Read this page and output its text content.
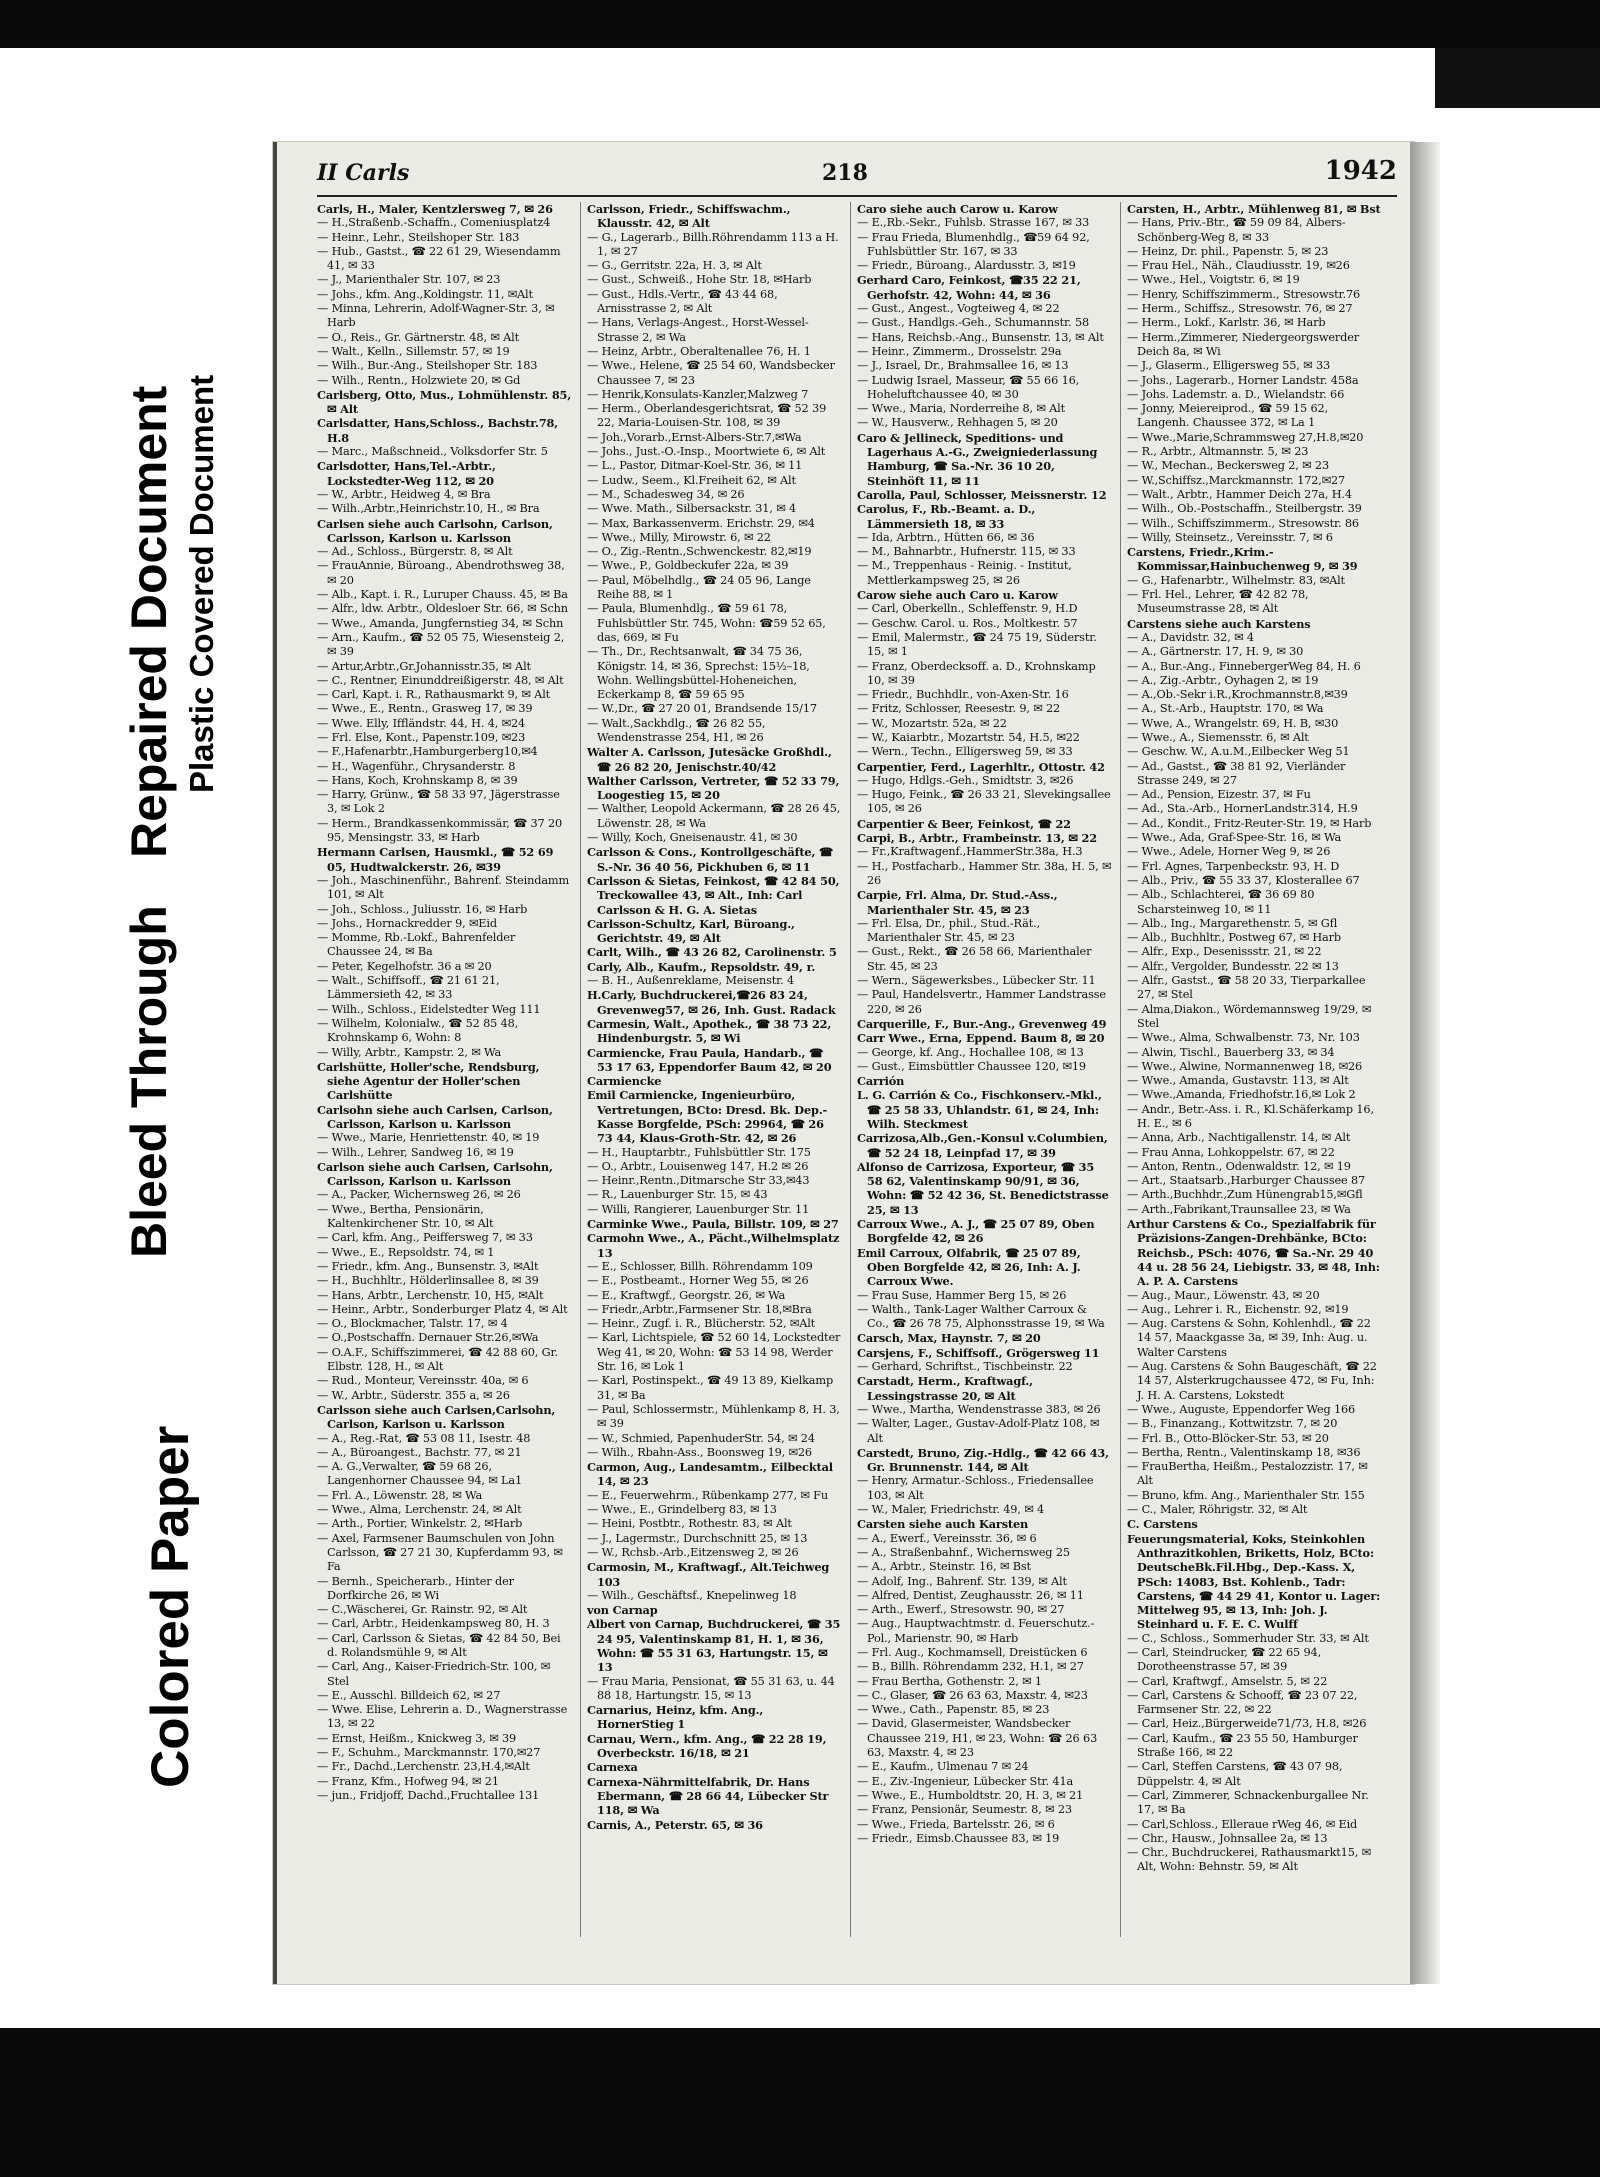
Bleed Through
Repaired Document Plastic Covered Document
Colored Paper
II Carls	218	1942

Carls, H., Maler, Kentzlersweg 7, ✉ 26

— H.,Straßenb.-Schaffn., Comeniusplatz4

— Heinr., Lehr., Steilshoper Str. 183

— Hub., Gastst., ☎ 22 61 29, Wiesendamm 41, ✉ 33

— J., Marienthaler Str. 107, ✉ 23

— Johs., kfm. Ang.,Koldingstr. 11, ✉Alt

— Minna, Lehrerin, Adolf-Wagner-Str. 3, ✉ Harb

— O., Reis., Gr. Gärtnerstr. 48, ✉ Alt

— Walt., Kelln., Sillemstr. 57, ✉ 19

— Wilh., Bur.-Ang., Steilshoper Str. 183

— Wilh., Rentn., Holzwiete 20, ✉ Gd

Carlsberg, Otto, Mus., Lohmühlenstr. 85, ✉ Alt

Carlsdatter, Hans,Schloss., Bachstr.78, H.8

— Marc., Maßschneid., Volksdorfer Str. 5

Carlsdotter, Hans,Tel.-Arbtr., Lockstedter-Weg 112, ✉ 20

— W., Arbtr., Heidweg 4, ✉ Bra

— Wilh.,Arbtr.,Heinrichstr.10, H., ✉ Bra

Carlsen siehe auch Carlsohn, Carlson, Carlsson, Karlson u. Karlsson

— Ad., Schloss., Bürgerstr. 8, ✉ Alt

— FrauAnnie, Büroang., Abendrothsweg 38, ✉ 20

— Alb., Kapt. i. R., Luruper Chauss. 45, ✉ Ba

— Alfr., ldw. Arbtr., Oldesloer Str. 66, ✉ Schn

— Wwe., Amanda, Jungfernstieg 34, ✉ Schn

— Arn., Kaufm., ☎ 52 05 75, Wiesensteig 2, ✉ 39

— Artur,Arbtr.,Gr.Johannisstr.35, ✉ Alt

— C., Rentner, Einunddreißigerstr. 48, ✉ Alt

— Carl, Kapt. i. R., Rathausmarkt 9, ✉ Alt

— Wwe., E., Rentn., Grasweg 17, ✉ 39

— Wwe. Elly, Iffländstr. 44, H. 4, ✉24

— Frl. Else, Kont., Papenstr.109, ✉23

— F.,Hafenarbtr.,Hamburgerberg10,✉4

— H., Wagenführ., Chrysanderstr. 8

— Hans, Koch, Krohnskamp 8, ✉ 39

— Harry, Grünw., ☎ 58 33 97, Jägerstrasse 3, ✉ Lok 2

— Herm., Brandkassenkommissär, ☎ 37 20 95, Mensingstr. 33, ✉ Harb

Hermann Carlsen, Hausmkl., ☎ 52 69 05, Hudtwalckerstr. 26, ✉39

— Joh., Maschinenführ., Bahrenf. Steindamm 101, ✉ Alt

— Joh., Schloss., Juliusstr. 16, ✉ Harb

— Johs., Hornackredder 9, ✉Eid

— Momme, Rb.-Lokf., Bahrenfelder Chaussee 24, ✉ Ba

— Peter, Kegelhofstr. 36 a ✉ 20

— Walt., Schiffsoff., ☎ 21 61 21, Lämmersieth 42, ✉ 33

— Wilh., Schloss., Eidelstedter Weg 111

— Wilhelm, Kolonialw., ☎ 52 85 48, Krohnskamp 6, Wohn: 8

— Willy, Arbtr., Kampstr. 2, ✉ Wa

Carlshütte, Holler'sche, Rendsburg, siehe Agentur der Holler'schen Carlshütte

Carlsohn siehe auch Carlsen, Carlson, Carlsson, Karlson u. Karlsson

— Wwe., Marie, Henriettenstr. 40, ✉ 19

— Wilh., Lehrer, Sandweg 16, ✉ 19

Carlson siehe auch Carlsen, Carlsohn, Carlsson, Karlson u. Karlsson

— A., Packer, Wichernsweg 26, ✉ 26

— Wwe., Bertha, Pensionärin, Kaltenkirchener Str. 10, ✉ Alt

— Carl, kfm. Ang., Peiffersweg 7, ✉ 33

— Wwe., E., Repsoldstr. 74, ✉ 1

— Friedr., kfm. Ang., Bunsenstr. 3, ✉Alt

— H., Buchhltr., Hölderlinsallee 8, ✉ 39

— Hans, Arbtr., Lerchenstr. 10, H5, ✉Alt

— Heinr., Arbtr., Sonderburger Platz 4, ✉ Alt

— O., Blockmacher, Talstr. 17, ✉ 4

— O.,Postschaffn. Dernauer Str.26,✉Wa

— O.A.F., Schiffszimmerei, ☎ 42 88 60, Gr. Elbstr. 128, H., ✉ Alt

— Rud., Monteur, Vereinsstr. 40a, ✉ 6

— W., Arbtr., Süderstr. 355 a, ✉ 26

Carlsson siehe auch Carlsen,Carlsohn, Carlson, Karlson u. Karlsson

— A., Reg.-Rat, ☎ 53 08 11, Isestr. 48

— A., Büroangest., Bachstr. 77, ✉ 21

— A. G.,Verwalter, ☎ 59 68 26, Langenhorner Chaussee 94, ✉ La1

— Frl. A., Löwenstr. 28, ✉ Wa

— Wwe., Alma, Lerchenstr. 24, ✉ Alt

— Arth., Portier, Winkelstr. 2, ✉Harb

— Axel, Farmsener Baumschulen von John Carlsson, ☎ 27 21 30, Kupferdamm 93, ✉ Fa

— Bernh., Speicherarb., Hinter der Dorfkirche 26, ✉ Wi

— C.,Wäscherei, Gr. Rainstr. 92, ✉ Alt

— Carl, Arbtr., Heidenkampsweg 80, H. 3

— Carl, Carlsson & Sietas, ☎ 42 84 50, Bei d. Rolandsmühle 9, ✉ Alt

— Carl, Ang., Kaiser-Friedrich-Str. 100, ✉ Stel

— E., Ausschl. Billdeich 62, ✉ 27

— Wwe. Elise, Lehrerin a. D., Wagnerstrasse 13, ✉ 22

— Ernst, Heißm., Knickweg 3, ✉ 39

— F., Schuhm., Marckmannstr. 170,✉27

— Fr., Dachd.,Lerchenstr. 23,H.4,✉Alt

— Franz, Kfm., Hofweg 94, ✉ 21

— jun., Fridjoff, Dachd.,Fruchtallee 131

Carlsson, Friedr., Schiffswachm., Klausstr. 42, ✉ Alt

— G., Lagerarb., Billh.Röhrendamm 113 a H. 1, ✉ 27

— G., Gerritstr. 22a, H. 3, ✉ Alt

— Gust., Schweiß., Hohe Str. 18, ✉Harb

— Gust., Hdls.-Vertr., ☎ 43 44 68, Arnisstrasse 2, ✉ Alt

— Hans, Verlags-Angest., Horst-Wessel-Strasse 2, ✉ Wa

— Heinz, Arbtr., Oberaltenallee 76, H. 1

— Wwe., Helene, ☎ 25 54 60, Wandsbecker Chaussee 7, ✉ 23

— Henrik,Konsulats-Kanzler,Malzweg 7

— Herm., Oberlandesgerichtsrat, ☎ 52 39 22, Maria-Louisen-Str. 108, ✉ 39

— Joh.,Vorarb.,Ernst-Albers-Str.7,✉Wa

— Johs., Just.-O.-Insp., Moortwiete 6, ✉ Alt

— L., Pastor, Ditmar-Koel-Str. 36, ✉ 11

— Ludw., Seem., Kl.Freiheit 62, ✉ Alt

— M., Schadesweg 34, ✉ 26

— Wwe. Math., Silbersackstr. 31, ✉ 4

— Max, Barkassenverm. Erichstr. 29, ✉4

— Wwe., Milly, Mirowstr. 6, ✉ 22

— O., Zig.-Rentn.,Schwenckestr. 82,✉19

— Wwe., P., Goldbeckufer 22a, ✉ 39

— Paul, Möbelhdlg., ☎ 24 05 96, Lange Reihe 88, ✉ 1

— Paula, Blumenhdlg., ☎ 59 61 78, Fuhlsbüttler Str. 745, Wohn: ☎59 52 65, das, 669, ✉ Fu

— Th., Dr., Rechtsanwalt, ☎ 34 75 36, Königstr. 14, ✉ 36, Sprechst: 15½–18, Wohn. Wellingsbüttel-Hoheneichen, Eckerkamp 8, ☎ 59 65 95

— W.,Dr., ☎ 27 20 01, Brandsende 15/17

— Walt.,Sackhdlg., ☎ 26 82 55, Wendenstrasse 254, H1, ✉ 26

Walter A. Carlsson, Jutesäcke Großhdl., ☎ 26 82 20, Jenischstr.40/42

Walther Carlsson, Vertreter, ☎ 52 33 79, Loogestieg 15, ✉ 20

— Walther, Leopold Ackermann, ☎ 28 26 45, Löwenstr. 28, ✉ Wa

— Willy, Koch, Gneisenaustr. 41, ✉ 30

Carlsson & Cons., Kontrollgeschäfte, ☎ S.-Nr. 36 40 56, Pickhuben 6, ✉ 11

Carlsson & Sietas, Feinkost, ☎ 42 84 50, Treckowallee 43, ✉ Alt., Inh: Carl Carlsson & H. G. A. Sietas

Carlsson-Schultz, Karl, Büroang., Gerichtstr. 49, ✉ Alt

Carlt, Wilh., ☎ 43 26 82, Carolinenstr. 5

Carly, Alb., Kaufm., Repsoldstr. 49, r.

— B. H., Außenreklame, Meisenstr. 4

H.Carly, Buchdruckerei,☎26 83 24, Grevenweg57, ✉ 26, Inh. Gust. Radack

Carmesin, Walt., Apothek., ☎ 38 73 22, Hindenburgstr. 5, ✉ Wi

Carmiencke, Frau Paula, Handarb., ☎ 53 17 63, Eppendorfer Baum 42, ✉ 20

Carmiencke

Emil Carmiencke, Ingenieurbüro, Vertretungen, BCto: Dresd. Bk. Dep.-Kasse Borgfelde, PSch: 29964, ☎ 26 73 44, Klaus-Groth-Str. 42, ✉ 26

— H., Hauptarbtr., Fuhlsbüttler Str. 175

— O., Arbtr., Louisenweg 147, H.2 ✉ 26

— Heinr.,Rentn.,Ditmarsche Str 33,✉43

— R., Lauenburger Str. 15, ✉ 43

— Willi, Rangierer, Lauenburger Str. 11

Carminke Wwe., Paula, Billstr. 109, ✉ 27

Carmohn Wwe., A., Pächt.,Wilhelmsplatz 13

— E., Schlosser, Billh. Röhrendamm 109

— E., Postbeamt., Horner Weg 55, ✉ 26

— E., Kraftwgf., Georgstr. 26, ✉ Wa

— Friedr.,Arbtr.,Farmsener Str. 18,✉Bra

— Heinr., Zugf. i. R., Blücherstr. 52, ✉Alt

— Karl, Lichtspiele, ☎ 52 60 14, Lockstedter Weg 41, ✉ 20, Wohn: ☎ 53 14 98, Werder Str. 16, ✉ Lok 1

— Karl, Postinspekt., ☎ 49 13 89, Kielkamp 31, ✉ Ba

— Paul, Schlossermstr., Mühlenkamp 8, H. 3, ✉ 39

— W., Schmied, PapenhuderStr. 54, ✉ 24

— Wilh., Rbahn-Ass., Boonsweg 19, ✉26

Carmon, Aug., Landesamtm., Eilbecktal 14, ✉ 23

— E., Feuerwehrm., Rübenkamp 277, ✉ Fu

— Wwe., E., Grindelberg 83, ✉ 13

— Heini, Postbtr., Rothestr. 83, ✉ Alt

— J., Lagermstr., Durchschnitt 25, ✉ 13

— W., Rchsb.-Arb.,Eitzensweg 2, ✉ 26

Carmosin, M., Kraftwagf., Alt.Teichweg 103

— Wilh., Geschäftsf., Knepelinweg 18

von Carnap

Albert von Carnap, Buchdruckerei, ☎ 35 24 95, Valentinskamp 81, H. 1, ✉ 36, Wohn: ☎ 55 31 63, Hartungstr. 15, ✉ 13

— Frau Maria, Pensionat, ☎ 55 31 63, u. 44 88 18, Hartungstr. 15, ✉ 13

Carnarius, Heinz, kfm. Ang., HornerStieg 1

Carnau, Wern., kfm. Ang., ☎ 22 28 19, Overbeckstr. 16/18, ✉ 21

Carnexa

Carnexa-Nährmittelfabrik, Dr. Hans Ebermann, ☎ 28 66 44, Lübecker Str 118, ✉ Wa

Carnis, A., Peterstr. 65, ✉ 36

Caro siehe auch Carow u. Karow

— E.,Rb.-Sekr., Fuhlsb. Strasse 167, ✉ 33

— Frau Frieda, Blumenhdlg., ☎59 64 92, Fuhlsbüttler Str. 167, ✉ 33

— Friedr., Büroang., Alardusstr. 3, ✉19

Gerhard Caro, Feinkost, ☎35 22 21, Gerhofstr. 42, Wohn: 44, ✉ 36

— Gust., Angest., Vogteiweg 4, ✉ 22

— Gust., Handlgs.-Geh., Schumannstr. 58

— Hans, Reichsb.-Ang., Bunsenstr. 13, ✉ Alt

— Heinr., Zimmerm., Drosselstr. 29a

— J., Israel, Dr., Brahmsallee 16, ✉ 13

— Ludwig Israel, Masseur, ☎ 55 66 16, Hoheluftchaussee 40, ✉ 30

— Wwe., Maria, Norderreihe 8, ✉ Alt

— W., Hausverw., Rehhagen 5, ✉ 20

Caro & Jellineck, Speditions- und Lagerhaus A.-G., Zweigniederlassung Hamburg, ☎ Sa.-Nr. 36 10 20, Steinhöft 11, ✉ 11

Carolla, Paul, Schlosser, Meissnerstr. 12

Carolus, F., Rb.-Beamt. a. D., Lämmersieth 18, ✉ 33

— Ida, Arbtrn., Hütten 66, ✉ 36

— M., Bahnarbtr., Hufnerstr. 115, ✉ 33

— M., Treppenhaus - Reinig. - Institut, Mettlerkampsweg 25, ✉ 26

Carow siehe auch Caro u. Karow

— Carl, Oberkelln., Schleffenstr. 9, H.D

— Geschw. Carol. u. Ros., Moltkestr. 57

— Emil, Malermstr., ☎ 24 75 19, Süderstr. 15, ✉ 1

— Franz, Oberdecksoff. a. D., Krohnskamp 10, ✉ 39

— Friedr., Buchhdlr., von-Axen-Str. 16

— Fritz, Schlosser, Reesestr. 9, ✉ 22

— W., Mozartstr. 52a, ✉ 22

— W., Kaiarbtr., Mozartstr. 54, H.5, ✉22

— Wern., Techn., Elligersweg 59, ✉ 33

Carpentier, Ferd., Lagerhltr., Ottostr. 42

— Hugo, Hdlgs.-Geh., Smidtstr. 3, ✉26

— Hugo, Feink., ☎ 26 33 21, Slevekingsallee 105, ✉ 26

Carpentier & Beer, Feinkost, ☎ 22

Carpi, B., Arbtr., Frambeinstr. 13, ✉ 22

— Fr.,Kraftwagenf.,HammerStr.38a, H.3

— H., Postfacharb., Hammer Str. 38a, H. 5, ✉ 26

Carpie, Frl. Alma, Dr. Stud.-Ass., Marienthaler Str. 45, ✉ 23

— Frl. Elsa, Dr., phil., Stud.-Rät., Marienthaler Str. 45, ✉ 23

— Gust., Rekt., ☎ 26 58 66, Marienthaler Str. 45, ✉ 23

— Wern., Sägewerksbes., Lübecker Str. 11

— Paul, Handelsvertr., Hammer Landstrasse 220, ✉ 26

Carquerille, F., Bur.-Ang., Grevenweg 49

Carr Wwe., Erna, Eppend. Baum 8, ✉ 20

— George, kf. Ang., Hochallee 108, ✉ 13

— Gust., Eimsbüttler Chaussee 120, ✉19

Carrión

L. G. Carrión & Co., Fischkonserv.-Mkl., ☎ 25 58 33, Uhlandstr. 61, ✉ 24, Inh: Wilh. Steckmest

Carrizosa,Alb.,Gen.-Konsul v.Columbien, ☎ 52 24 18, Leinpfad 17, ✉ 39

Alfonso de Carrizosa, Exporteur, ☎ 35 58 62, Valentinskamp 90/91, ✉ 36, Wohn: ☎ 52 42 36, St. Benedictstrasse 25, ✉ 13

Carroux Wwe., A. J., ☎ 25 07 89, Oben Borgfelde 42, ✉ 26

Emil Carroux, Olfabrik, ☎ 25 07 89, Oben Borgfelde 42, ✉ 26, Inh: A. J. Carroux Wwe.

— Frau Suse, Hammer Berg 15, ✉ 26

— Walth., Tank-Lager Walther Carroux & Co., ☎ 26 78 75, Alphonsstrasse 19, ✉ Wa

Carsch, Max, Haynstr. 7, ✉ 20

Carsjens, F., Schiffsoff., Grögersweg 11

— Gerhard, Schriftst., Tischbeinstr. 22

Carstadt, Herm., Kraftwagf., Lessingstrasse 20, ✉ Alt

— Wwe., Martha, Wendenstrasse 383, ✉ 26

— Walter, Lager., Gustav-Adolf-Platz 108, ✉ Alt

Carstedt, Bruno, Zig.-Hdlg., ☎ 42 66 43, Gr. Brunnenstr. 144, ✉ Alt

— Henry, Armatur.-Schloss., Friedensallee 103, ✉ Alt

— W., Maler, Friedrichstr. 49, ✉ 4

Carsten siehe auch Karsten

— A., Ewerf., Vereinsstr. 36, ✉ 6

— A., Straßenbahnf., Wichernsweg 25

— A., Arbtr., Steinstr. 16, ✉ Bst

— Adolf, Ing., Bahrenf. Str. 139, ✉ Alt

— Alfred, Dentist, Zeughausstr. 26, ✉ 11

— Arth., Ewerf., Stresowstr. 90, ✉ 27

— Aug., Hauptwachtmstr. d. Feuerschutz.-Pol., Marienstr. 90, ✉ Harb

— Frl. Aug., Kochmamsell, Dreistücken 6

— B., Billh. Röhrendamm 232, H.1, ✉ 27

— Frau Bertha, Gothenstr. 2, ✉ 1

— C., Glaser, ☎ 26 63 63, Maxstr. 4, ✉23

— Wwe., Cath., Papenstr. 85, ✉ 23

— David, Glasermeister, Wandsbecker Chaussee 219, H1, ✉ 23, Wohn: ☎ 26 63 63, Maxstr. 4, ✉ 23

— E., Kaufm., Ulmenau 7 ✉ 24

— E., Ziv.-Ingenieur, Lübecker Str. 41a

— Wwe., E., Humboldtstr. 20, H. 3, ✉ 21

— Franz, Pensionär, Seumestr. 8, ✉ 23

— Wwe., Frieda, Bartelsstr. 26, ✉ 6

— Friedr., Eimsb.Chaussee 83, ✉ 19

Carsten, H., Arbtr., Mühlenweg 81, ✉ Bst

— Hans, Priv.-Btr., ☎ 59 09 84, Albers-Schönberg-Weg 8, ✉ 33

— Heinz, Dr. phil., Papenstr. 5, ✉ 23

— Frau Hel., Näh., Claudiusstr. 19, ✉26

— Wwe., Hel., Voigtstr. 6, ✉ 19

— Henry, Schiffszimmerm., Stresowstr.76

— Herm., Schiffsz., Stresowstr. 76, ✉ 27

— Herm., Lokf., Karlstr. 36, ✉ Harb

— Herm.,Zimmerer, Niedergeorgswerder Deich 8a, ✉ Wi

— J., Glaserm., Elligersweg 55, ✉ 33

— Johs., Lagerarb., Horner Landstr. 458a

— Johs. Lademstr. a. D., Wielandstr. 66

— Jonny, Meiereiprod., ☎ 59 15 62, Langenh. Chaussee 372, ✉ La 1

— Wwe.,Marie,Schrammsweg 27,H.8,✉20

— R., Arbtr., Altmannstr. 5, ✉ 23

— W., Mechan., Beckersweg 2, ✉ 23

— W.,Schiffsz.,Marckmannstr. 172,✉27

— Walt., Arbtr., Hammer Deich 27a, H.4

— Wilh., Ob.-Postschaffn., Steilbergstr. 39

— Wilh., Schiffszimmerm., Stresowstr. 86

— Willy, Steinsetz., Vereinsstr. 7, ✉ 6

Carstens, Friedr.,Krim.-Kommissar,Hainbuchenweg 9, ✉ 39

— G., Hafenarbtr., Wilhelmstr. 83, ✉Alt

— Frl. Hel., Lehrer, ☎ 42 82 78, Museumstrasse 28, ✉ Alt

Carstens siehe auch Karstens

— A., Davidstr. 32, ✉ 4

— A., Gärtnerstr. 17, H. 9, ✉ 30

— A., Bur.-Ang., FinnebergerWeg 84, H. 6

— A., Zig.-Arbtr., Oyhagen 2, ✉ 19

— A.,Ob.-Sekr i.R.,Krochmannstr.8,✉39

— A., St.-Arb., Hauptstr. 170, ✉ Wa

— Wwe, A., Wrangelstr. 69, H. B, ✉30

— Wwe., A., Siemensstr. 6, ✉ Alt

— Geschw. W., A.u.M.,Eilbecker Weg 51

— Ad., Gastst., ☎ 38 81 92, Vierländer Strasse 249, ✉ 27

— Ad., Pension, Eizestr. 37, ✉ Fu

— Ad., Sta.-Arb., HornerLandstr.314, H.9

— Ad., Kondit., Fritz-Reuter-Str. 19, ✉ Harb

— Wwe., Ada, Graf-Spee-Str. 16, ✉ Wa

— Wwe., Adele, Horner Weg 9, ✉ 26

— Frl. Agnes, Tarpenbeckstr. 93, H. D

— Alb., Priv., ☎ 55 33 37, Klosterallee 67

— Alb., Schlachterei, ☎ 36 69 80 Scharsteinweg 10, ✉ 11

— Alb., Ing., Margarethenstr. 5, ✉ Gfl

— Alb., Buchhltr., Postweg 67, ✉ Harb

— Alfr., Exp., Desenissstr. 21, ✉ 22

— Alfr., Vergolder, Bundesstr. 22 ✉ 13

— Alfr., Gastst., ☎ 58 20 33, Tierparkallee 27, ✉ Stel

— Alma,Diakon., Wördemannsweg 19/29, ✉ Stel

— Wwe., Alma, Schwalbenstr. 73, Nr. 103

— Alwin, Tischl., Bauerberg 33, ✉ 34

— Wwe., Alwine, Normannenweg 18, ✉26

— Wwe., Amanda, Gustavstr. 113, ✉ Alt

— Wwe.,Amanda, Friedhofstr.16,✉ Lok 2

— Andr., Betr.-Ass. i. R., Kl.Schäferkamp 16, H. E., ✉ 6

— Anna, Arb., Nachtigallenstr. 14, ✉ Alt

— Frau Anna, Lohkoppelstr. 67, ✉ 22

— Anton, Rentn., Odenwaldstr. 12, ✉ 19

— Art., Staatsarb.,Harburger Chaussee 87

— Arth.,Buchhdr.,Zum Hünengrab15,✉Gfl

— Arth.,Fabrikant,Traunsallee 23, ✉ Wa

Arthur Carstens & Co., Spezialfabrik für Präzisions-Zangen-Drehbänke, BCto: Reichsb., PSch: 4076, ☎ Sa.-Nr. 29 40 44 u. 28 56 24, Liebigstr. 33, ✉ 48, Inh: A. P. A. Carstens

— Aug., Maur., Löwenstr. 43, ✉ 20

— Aug., Lehrer i. R., Eichenstr. 92, ✉19

— Aug. Carstens & Sohn, Kohlenhdl., ☎ 22 14 57, Maackgasse 3a, ✉ 39, Inh: Aug. u. Walter Carstens

— Aug. Carstens & Sohn Baugeschäft, ☎ 22 14 57, Alsterkrugchaussee 472, ✉ Fu, Inh: J. H. A. Carstens, Lokstedt

— Wwe., Auguste, Eppendorfer Weg 166

— B., Finanzang., Kottwitzstr. 7, ✉ 20

— Frl. B., Otto-Blöcker-Str. 53, ✉ 20

— Bertha, Rentn., Valentinskamp 18, ✉36

— FrauBertha, Heißm., Pestalozzistr. 17, ✉Alt

— Bruno, kfm. Ang., Marienthaler Str. 155

— C., Maler, Röhrigstr. 32, ✉ Alt

C. Carstens

Feuerungsmaterial, Koks, Steinkohlen Anthrazitkohlen, Briketts, Holz, BCto: DeutscheBk.Fil.Hbg., Dep.-Kass. X, PSch: 14083, Bst. Kohlenb., Tadr: Carstens, ☎ 44 29 41, Kontor u. Lager: Mittelweg 95, ✉ 13, Inh: Joh. J. Steinhard u. F. E. C. Wulff

— C., Schloss., Sommerhuder Str. 33, ✉ Alt

— Carl, Steindrucker, ☎ 22 65 94, Dorotheenstrasse 57, ✉ 39

— Carl, Kraftwgf., Amselstr. 5, ✉ 22

— Carl, Carstens & Schooff, ☎ 23 07 22, Farmsener Str. 22, ✉ 22

— Carl, Heiz.,Bürgerweide71/73, H.8, ✉26

— Carl, Kaufm., ☎ 23 55 50, Hamburger Straße 166, ✉ 22

— Carl, Steffen Carstens, ☎ 43 07 98, Düppelstr. 4, ✉ Alt

— Carl, Zimmerer, Schnackenburgallee Nr. 17, ✉ Ba

— Carl,Schloss., Elleraue rWeg 46, ✉ Eid

— Chr., Hausw., Johnsallee 2a, ✉ 13

— Chr., Buchdruckerei, Rathausmarkt15, ✉Alt, Wohn: Behnstr. 59, ✉ Alt
